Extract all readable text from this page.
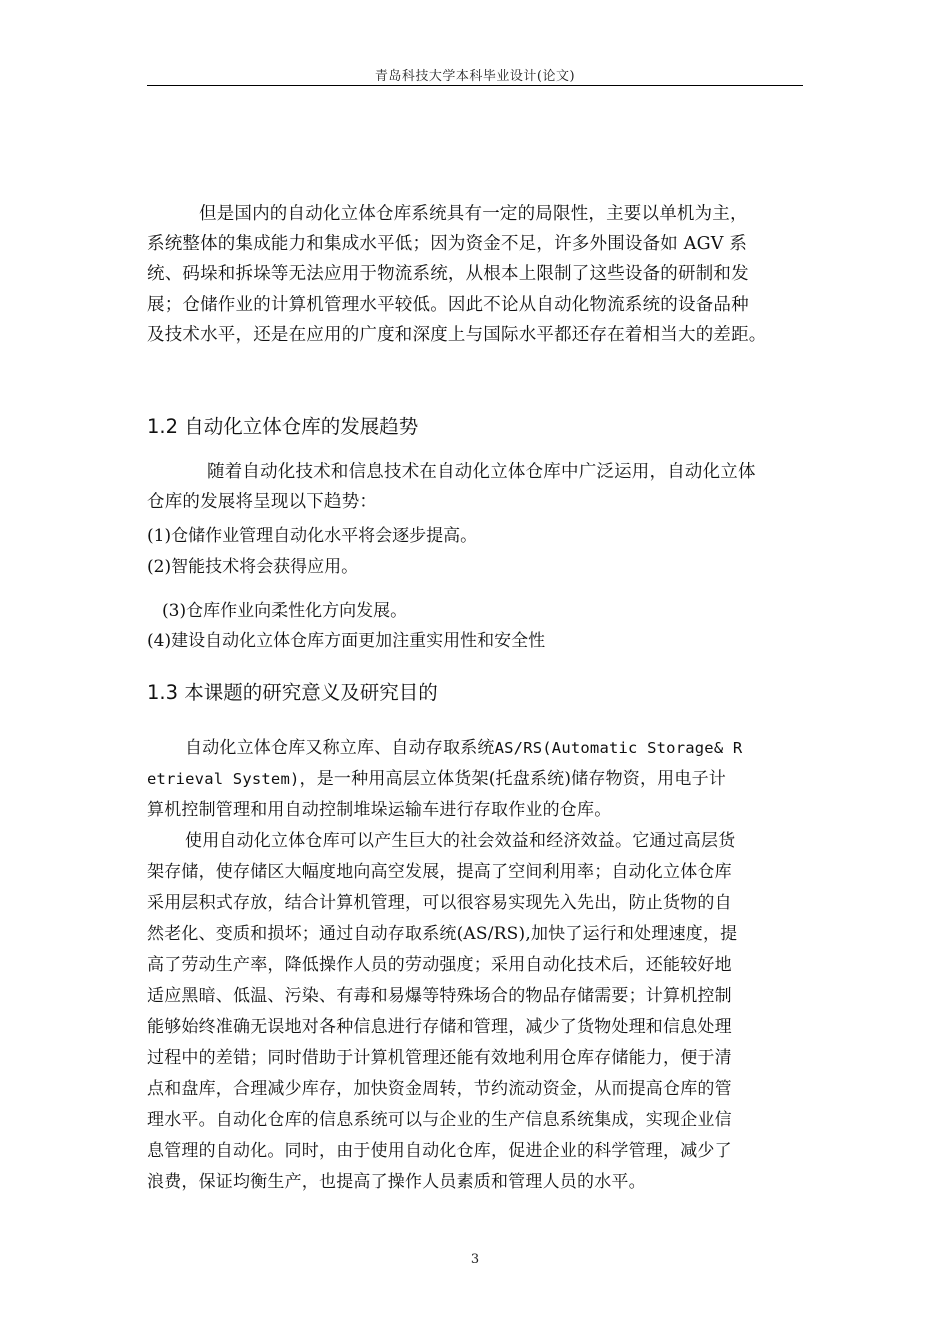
青岛科技大学本科毕业设计(论文)
但是国内的自动化立体仓库系统具有一定的局限性，主要以单机为主，
系统整体的集成能力和集成水平低；因为资金不足，许多外围设备如 AGV 系
统、码垛和拆垛等无法应用于物流系统，从根本上限制了这些设备的研制和发
展；仓储作业的计算机管理水平较低。因此不论从自动化物流系统的设备品种
及技术水平，还是在应用的广度和深度上与国际水平都还存在着相当大的差距。
1.2 自动化立体仓库的发展趋势
随着自动化技术和信息技术在自动化立体仓库中广泛运用，自动化立体
仓库的发展将呈现以下趋势：
(1)仓储作业管理自动化水平将会逐步提高。
(2)智能技术将会获得应用。
(3)仓库作业向柔性化方向发展。
(4)建设自动化立体仓库方面更加注重实用性和安全性
1.3 本课题的研究意义及研究目的
自动化立体仓库又称立库、自动存取系统AS/RS(Automatic Storage& R
etrieval System)，是一种用高层立体货架(托盘系统)储存物资，用电子计
算机控制管理和用自动控制堆垛运输车进行存取作业的仓库。
使用自动化立体仓库可以产生巨大的社会效益和经济效益。它通过高层货
架存储，使存储区大幅度地向高空发展，提高了空间利用率；自动化立体仓库
采用层积式存放，结合计算机管理，可以很容易实现先入先出，防止货物的自
然老化、变质和损坏；通过自动存取系统(AS/RS),加快了运行和处理速度，提
高了劳动生产率，降低操作人员的劳动强度；采用自动化技术后，还能较好地
适应黑暗、低温、污染、有毒和易爆等特殊场合的物品存储需要；计算机控制
能够始终准确无误地对各种信息进行存储和管理，减少了货物处理和信息处理
过程中的差错；同时借助于计算机管理还能有效地利用仓库存储能力，便于清
点和盘库，合理减少库存，加快资金周转，节约流动资金，从而提高仓库的管
理水平。自动化仓库的信息系统可以与企业的生产信息系统集成，实现企业信
息管理的自动化。同时，由于使用自动化仓库，促进企业的科学管理，减少了
浪费，保证均衡生产，也提高了操作人员素质和管理人员的水平。
3
